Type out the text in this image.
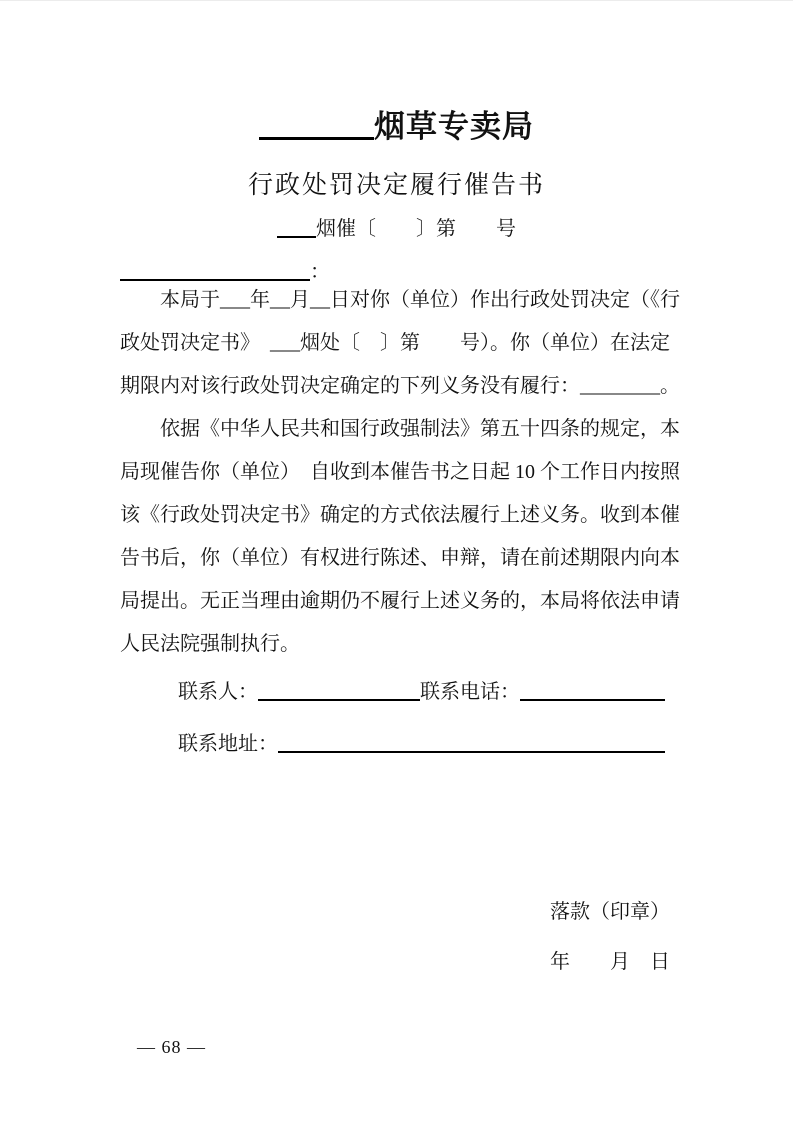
烟草专卖局
行政处罚决定履行催告书
烟催〔　　〕第　　号
：
　　本局于___年__月__日对你（单位）作出行政处罚决定（《行
政处罚决定书》　___烟处〔　〕第　　号）。你（单位）在法定
期限内对该行政处罚决定确定的下列义务没有履行：________。
　　依据《中华人民共和国行政强制法》第五十四条的规定，本
局现催告你（单位）　自收到本催告书之日起 10 个工作日内按照
该《行政处罚决定书》确定的方式依法履行上述义务。收到本催
告书后，你（单位）有权进行陈述、申辩，请在前述期限内向本
局提出。无正当理由逾期仍不履行上述义务的，本局将依法申请
人民法院强制执行。
联系人：	联系电话：
联系地址：
落款（印章）
年　　月　日
— 68 —
